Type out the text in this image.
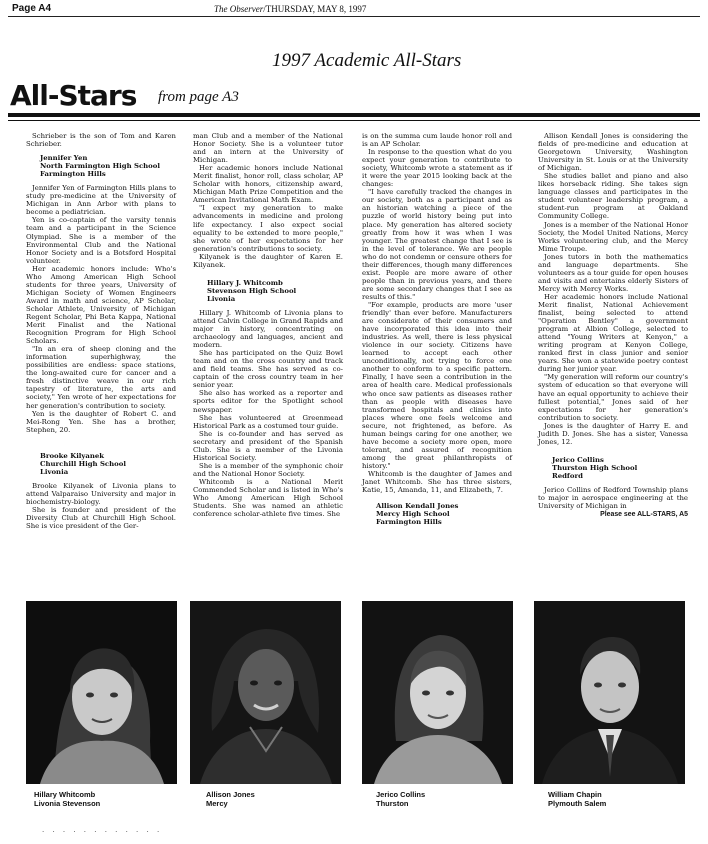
Page A4	The Observer/THURSDAY, MAY 8, 1997
1997 Academic All-Stars
All-Stars from page A3

Schrieber is the son of Tom and Karen Schrieber.

Jennifer Yen
North Farmington High School
Farmington Hills

Jennifer Yen of Farmington Hills plans to study pre-medicine at the University of Michigan in Ann Arbor with plans to become a pediatrician.

Yen is co-captain of the varsity tennis team and a participant in the Science Olympiad. She is a member of the Environmental Club and the National Honor Society and is a Botsford Hospital volunteer.

Her academic honors include: Who's Who Among American High School students for three years, University of Michigan Society of Women Engineers Award in math and science, AP Scholar, Scholar Athlete, University of Michigan Regent Scholar, Phi Beta Kappa, National Merit Finalist and the National Recognition Program for High School Scholars.

"In an era of sheep cloning and the information superhighway, the possibilities are endless: space stations, the long-awaited cure for cancer and a fresh distinctive weave in our rich tapestry of literature, the arts and society," Yen wrote of her expectations for her generation's contribution to society.

Yen is the daughter of Robert C. and Mei-Rong Yen. She has a brother, Stephen, 20.

Brooke Kilyanek
Churchill High School
Livonia

Brooke Kilyanek of Livonia plans to attend Valparaiso University and major in biochemistry-biology.

She is founder and president of the Diversity Club at Churchill High School. She is vice president of the Ger-

man Club and a member of the National Honor Society. She is a volunteer tutor and an intern at the University of Michigan.

Her academic honors include National Merit finalist, honor roll, class scholar, AP Scholar with honors, citizenship award, Michigan Math Prize Competition and the American Invitational Math Exam.

"I expect my generation to make advancements in medicine and prolong life expectancy. I also expect social equality to be extended to more people," she wrote of her expectations for her generation's contributions to society.

Kilyanek is the daughter of Karen E. Kilyanek.

Hillary J. Whitcomb
Stevenson High School
Livonia

Hillary J. Whitcomb of Livonia plans to attend Calvin College in Grand Rapids and major in history, concentrating on archaeology and languages, ancient and modern.

She has participated on the Quiz Bowl team and on the cross country and track and field teams. She has served as co-captain of the cross country team in her senior year.

She also has worked as a reporter and sports editor for the Spotlight school newspaper.

She has volunteered at Greenmead Historical Park as a costumed tour guide.

She is co-founder and has served as secretary and president of the Spanish Club. She is a member of the Livonia Historical Society.

She is a member of the symphonic choir and the National Honor Society.

Whitcomb is a National Merit Commended Scholar and is listed in Who's Who Among American High School Students. She was named an athletic conference scholar-athlete five times. She

is on the summa cum laude honor roll and is an AP Scholar.

In response to the question what do you expect your generation to contribute to society, Whitcomb wrote a statement as if it were the year 2015 looking back at the changes:

"I have carefully tracked the changes in our society, both as a participant and as an historian watching a piece of the puzzle of world history being put into place. My generation has altered society greatly from how it was when I was younger. The greatest change that I see is in the level of tolerance. We are people who do not condemn or censure others for their differences, though many differences exist. People are more aware of other people than in previous years, and there are some secondary changes that I see as results of this."

"For example, products are more 'user friendly' than ever before. Manufacturers are considerate of their consumers and have incorporated this idea into their industries. As well, there is less physical violence in our society. Citizens have learned to accept each other unconditionally, not trying to force one another to conform to a specific pattern. Finally, I have seen a contribution in the area of health care. Medical professionals who once saw patients as diseases rather than as people with diseases have transformed hospitals and clinics into places where one feels welcome and secure, not frightened, as before. As human beings caring for one another, we have become a society more open, more tolerant, and assured of recognition among the great philanthropists of history."

Whitcomb is the daughter of James and Janet Whitcomb. She has three sisters, Katie, 15, Amanda, 11, and Elizabeth, 7.

Allison Kendall Jones
Mercy High School
Farmington Hills

Allison Kendall Jones is considering the fields of pre-medicine and education at Georgetown University, Washington University in St. Louis or at the University of Michigan.

She studies ballet and piano and also likes horseback riding. She takes sign language classes and participates in the student volunteer leadership program, a student-run program at Oakland Community College.

Jones is a member of the National Honor Society, the Model United Nations, Mercy Works volunteering club, and the Mercy Mime Troupe.

Jones tutors in both the mathematics and language departments. She volunteers as a tour guide for open houses and visits and entertains elderly Sisters of Mercy with Mercy Works.

Her academic honors include National Merit finalist, National Achievement finalist, being selected to attend "Operation Bentley" a government program at Albion College, selected to attend "Young Writers at Kenyon," a writing program at Kenyon College, ranked first in class junior and senior years. She won a statewide poetry contest during her junior year.

"My generation will reform our country's system of education so that everyone will have an equal opportunity to achieve their fullest potential," Jones said of her expectations for her generation's contribution to society.

Jones is the daughter of Harry E. and Judith D. Jones. She has a sister, Vanessa Jones, 12.

Jerico Collins
Thurston High School
Redford

Jerico Collins of Redford Township plans to major in aerospace engineering at the University of Michigan in

Please see ALL-STARS, A5

Hillary Whitcomb
Livonia Stevenson
Allison Jones
Mercy
Jerico Collins
Thurston
William Chapin
Plymouth Salem
. . . . . . . . . . . .
